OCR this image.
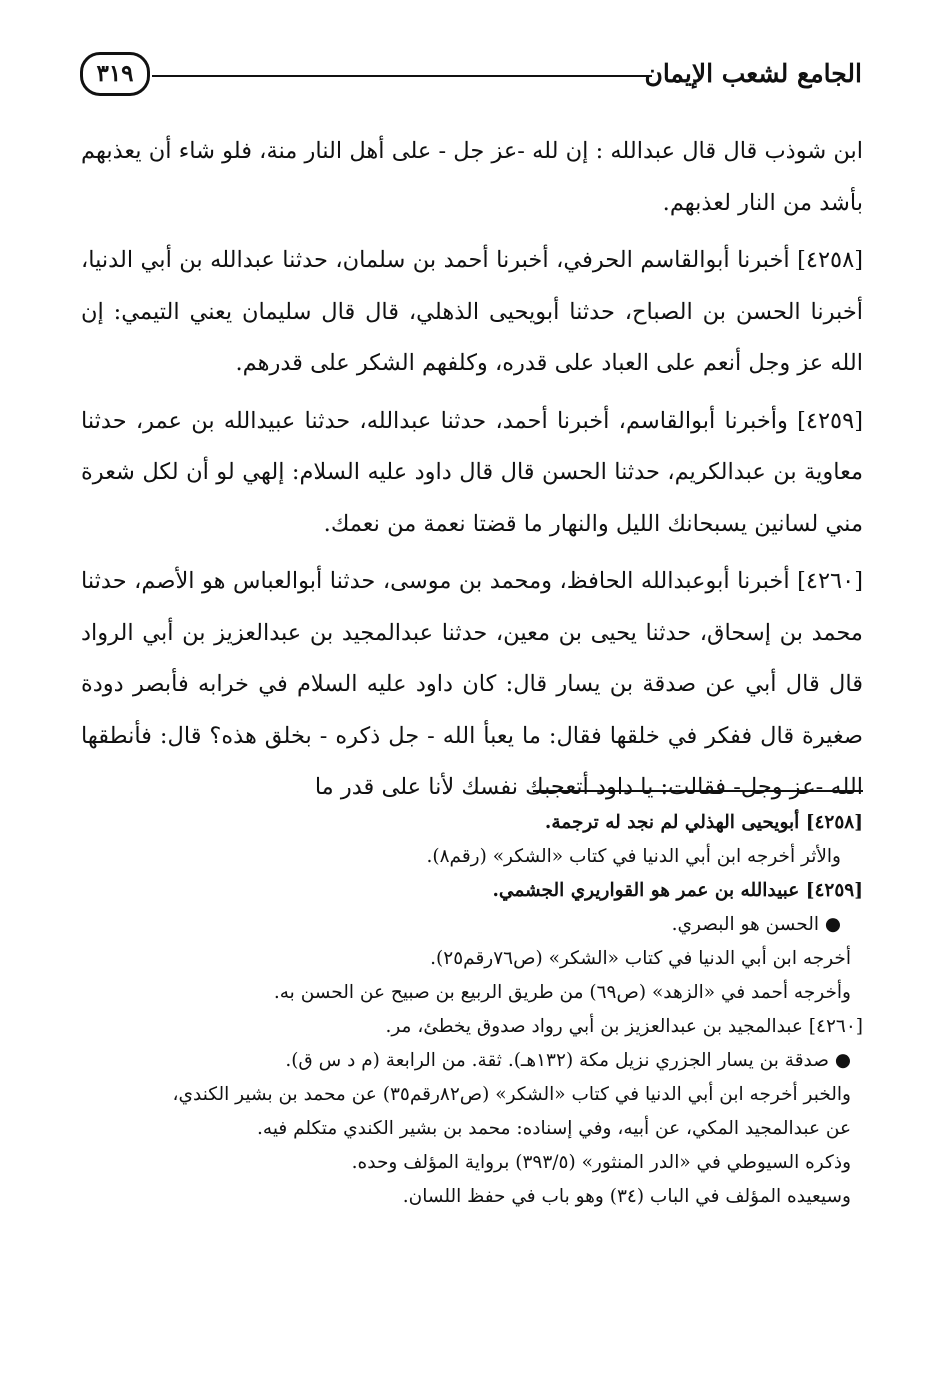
الجامع لشعب الإيمان
٣١٩

ابن شوذب قال قال عبدالله : إن لله -عز جل - على أهل النار منة، فلو شاء أن يعذبهم بأشد من النار لعذبهم.

[٤٢٥٨] أخبرنا أبوالقاسم الحرفي، أخبرنا أحمد بن سلمان، حدثنا عبدالله بن أبي الدنيا، أخبرنا الحسن بن الصباح، حدثنا أبويحيى الذهلي، قال قال سليمان يعني التيمي: إن الله عز وجل أنعم على العباد على قدره، وكلفهم الشكر على قدرهم.

[٤٢٥٩] وأخبرنا أبوالقاسم، أخبرنا أحمد، حدثنا عبدالله، حدثنا عبيدالله بن عمر، حدثنا معاوية بن عبدالكريم، حدثنا الحسن قال قال داود عليه السلام: إلهي لو أن لكل شعرة مني لسانين يسبحانك الليل والنهار ما قضتا نعمة من نعمك.

[٤٢٦٠] أخبرنا أبوعبدالله الحافظ، ومحمد بن موسى، حدثنا أبوالعباس هو الأصم، حدثنا محمد بن إسحاق، حدثنا يحيى بن معين، حدثنا عبدالمجيد بن عبدالعزيز بن أبي الرواد قال قال أبي عن صدقة بن يسار قال: كان داود عليه السلام في خرابه فأبصر دودة صغيرة قال ففكر في خلقها فقال: ما يعبأ الله - جل ذكره - بخلق هذه؟ قال: فأنطقها الله -عز وجل- فقالت: يا داود أتعجبك نفسك لأنا على قدر ما

[٤٢٥٨] أبويحيى الهذلي لم نجد له ترجمة.

والأثر أخرجه ابن أبي الدنيا في كتاب «الشكر» (رقم٨).

[٤٢٥٩] عبيدالله بن عمر هو القواريري الجشمي.

● الحسن هو البصري.

أخرجه ابن أبي الدنيا في كتاب «الشكر» (ص٧٦رقم٢٥).

وأخرجه أحمد في «الزهد» (ص٦٩) من طريق الربيع بن صبيح عن الحسن به.

[٤٢٦٠] عبدالمجيد بن عبدالعزيز بن أبي رواد صدوق يخطئ، مر.

● صدقة بن يسار الجزري نزيل مكة (١٣٢هـ). ثقة. من الرابعة (م د س ق).

والخبر أخرجه ابن أبي الدنيا في كتاب «الشكر» (ص٨٢رقم٣٥) عن محمد بن بشير الكندي،

عن عبدالمجيد المكي، عن أبيه، وفي إسناده: محمد بن بشير الكندي متكلم فيه.

وذكره السيوطي في «الدر المنثور» (٣٩٣/٥) برواية المؤلف وحده.

وسيعيده المؤلف في الباب (٣٤) وهو باب في حفظ اللسان.
